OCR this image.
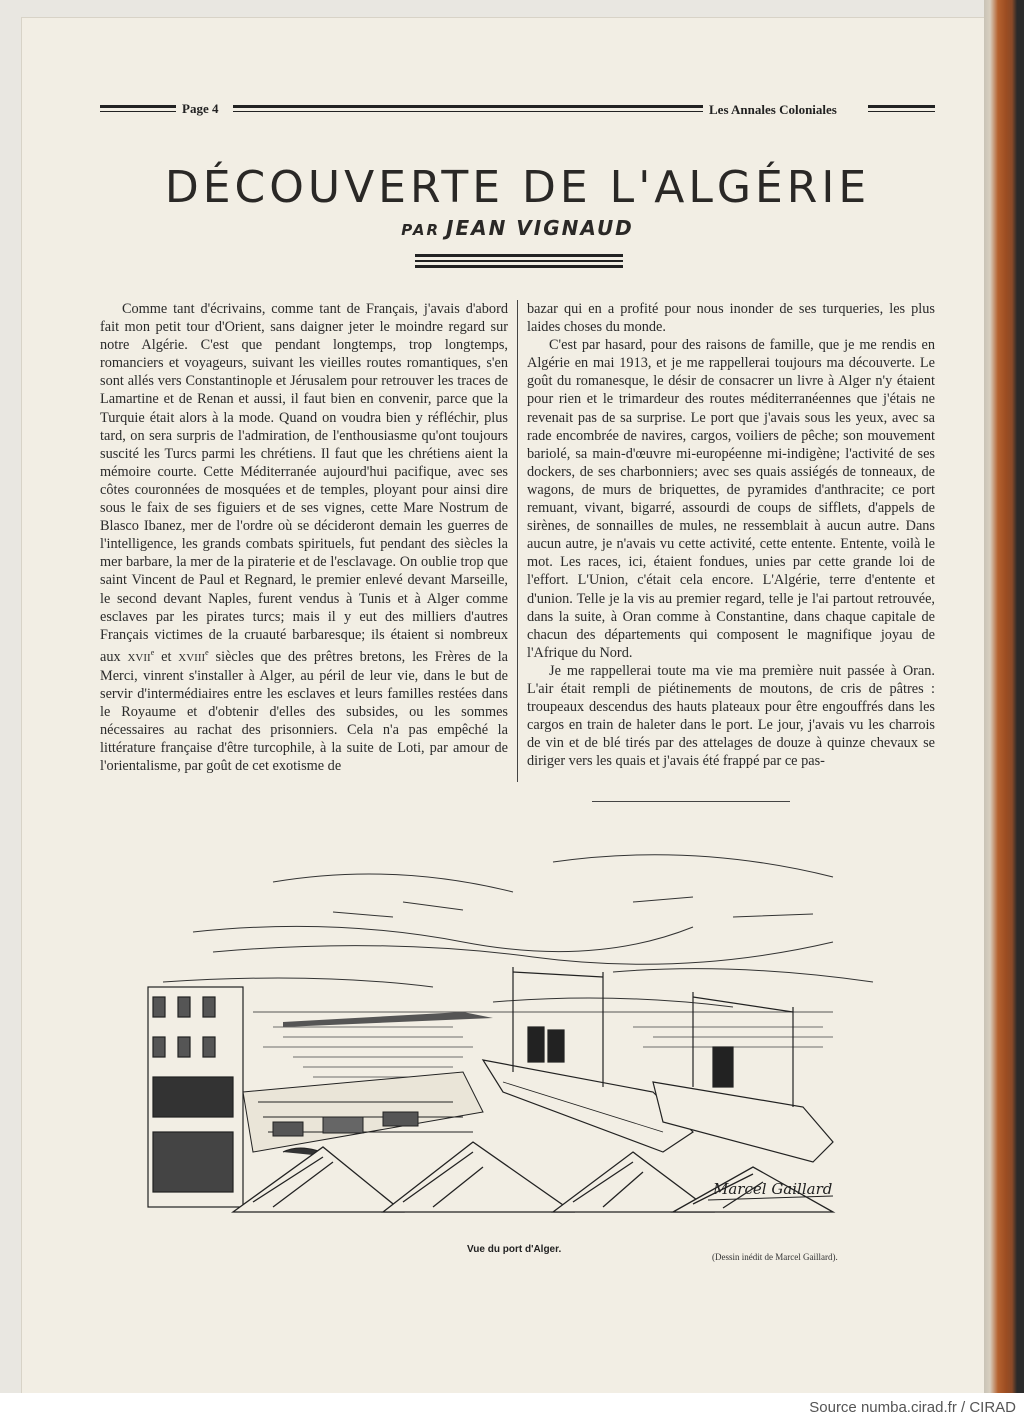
Page 4	Les Annales Coloniales
DÉCOUVERTE DE L'ALGÉRIE
PAR JEAN VIGNAUD

Comme tant d'écrivains, comme tant de Français, j'avais d'abord fait mon petit tour d'Orient, sans daigner jeter le moindre regard sur notre Algérie. C'est que pendant longtemps, trop longtemps, romanciers et voyageurs, suivant les vieilles routes romantiques, s'en sont allés vers Constantinople et Jérusalem pour retrouver les traces de Lamartine et de Renan et aussi, il faut bien en convenir, parce que la Turquie était alors à la mode. Quand on voudra bien y réfléchir, plus tard, on sera surpris de l'admiration, de l'enthousiasme qu'ont toujours suscité les Turcs parmi les chrétiens. Il faut que les chrétiens aient la mémoire courte. Cette Méditerranée aujourd'hui pacifique, avec ses côtes couronnées de mosquées et de temples, ployant pour ainsi dire sous le faix de ses figuiers et de ses vignes, cette Mare Nostrum de Blasco Ibanez, mer de l'ordre où se décideront demain les guerres de l'intelligence, les grands combats spirituels, fut pendant des siècles la mer barbare, la mer de la piraterie et de l'esclavage. On oublie trop que saint Vincent de Paul et Regnard, le premier enlevé devant Marseille, le second devant Naples, furent vendus à Tunis et à Alger comme esclaves par les pirates turcs; mais il y eut des milliers d'autres Français victimes de la cruauté barbaresque; ils étaient si nombreux aux XVIIe et XVIIIe siècles que des prêtres bretons, les Frères de la Merci, vinrent s'installer à Alger, au péril de leur vie, dans le but de servir d'intermédiaires entre les esclaves et leurs familles restées dans le Royaume et d'obtenir d'elles des subsides, ou les sommes nécessaires au rachat des prisonniers. Cela n'a pas empêché la littérature française d'être turcophile, à la suite de Loti, par amour de l'orientalisme, par goût de cet exotisme de

bazar qui en a profité pour nous inonder de ses turqueries, les plus laides choses du monde.

C'est par hasard, pour des raisons de famille, que je me rendis en Algérie en mai 1913, et je me rappellerai toujours ma découverte. Le goût du romanesque, le désir de consacrer un livre à Alger n'y étaient pour rien et le trimardeur des routes méditerranéennes que j'étais ne revenait pas de sa surprise. Le port que j'avais sous les yeux, avec sa rade encombrée de navires, cargos, voiliers de pêche; son mouvement bariolé, sa main-d'œuvre mi-européenne mi-indigène; l'activité de ses dockers, de ses charbonniers; avec ses quais assiégés de tonneaux, de wagons, de murs de briquettes, de pyramides d'anthracite; ce port remuant, vivant, bigarré, assourdi de coups de sifflets, d'appels de sirènes, de sonnailles de mules, ne ressemblait à aucun autre. Dans aucun autre, je n'avais vu cette activité, cette entente. Entente, voilà le mot. Les races, ici, étaient fondues, unies par cette grande loi de l'effort. L'Union, c'était cela encore. L'Algérie, terre d'entente et d'union. Telle je la vis au premier regard, telle je l'ai partout retrouvée, dans la suite, à Oran comme à Constantine, dans chaque capitale de chacun des départements qui composent le magnifique joyau de l'Afrique du Nord.

Je me rappellerai toute ma vie ma première nuit passée à Oran. L'air était rempli de piétinements de moutons, de cris de pâtres : troupeaux descendus des hauts plateaux pour être engouffrés dans les cargos en train de haleter dans le port. Le jour, j'avais vu les charrois de vin et de blé tirés par des attelages de douze à quinze chevaux se diriger vers les quais et j'avais été frappé par ce pas-

Marcel Gaillard
Vue du port d'Alger.
(Dessin inédit de Marcel Gaillard).
Source numba.cirad.fr / CIRAD
